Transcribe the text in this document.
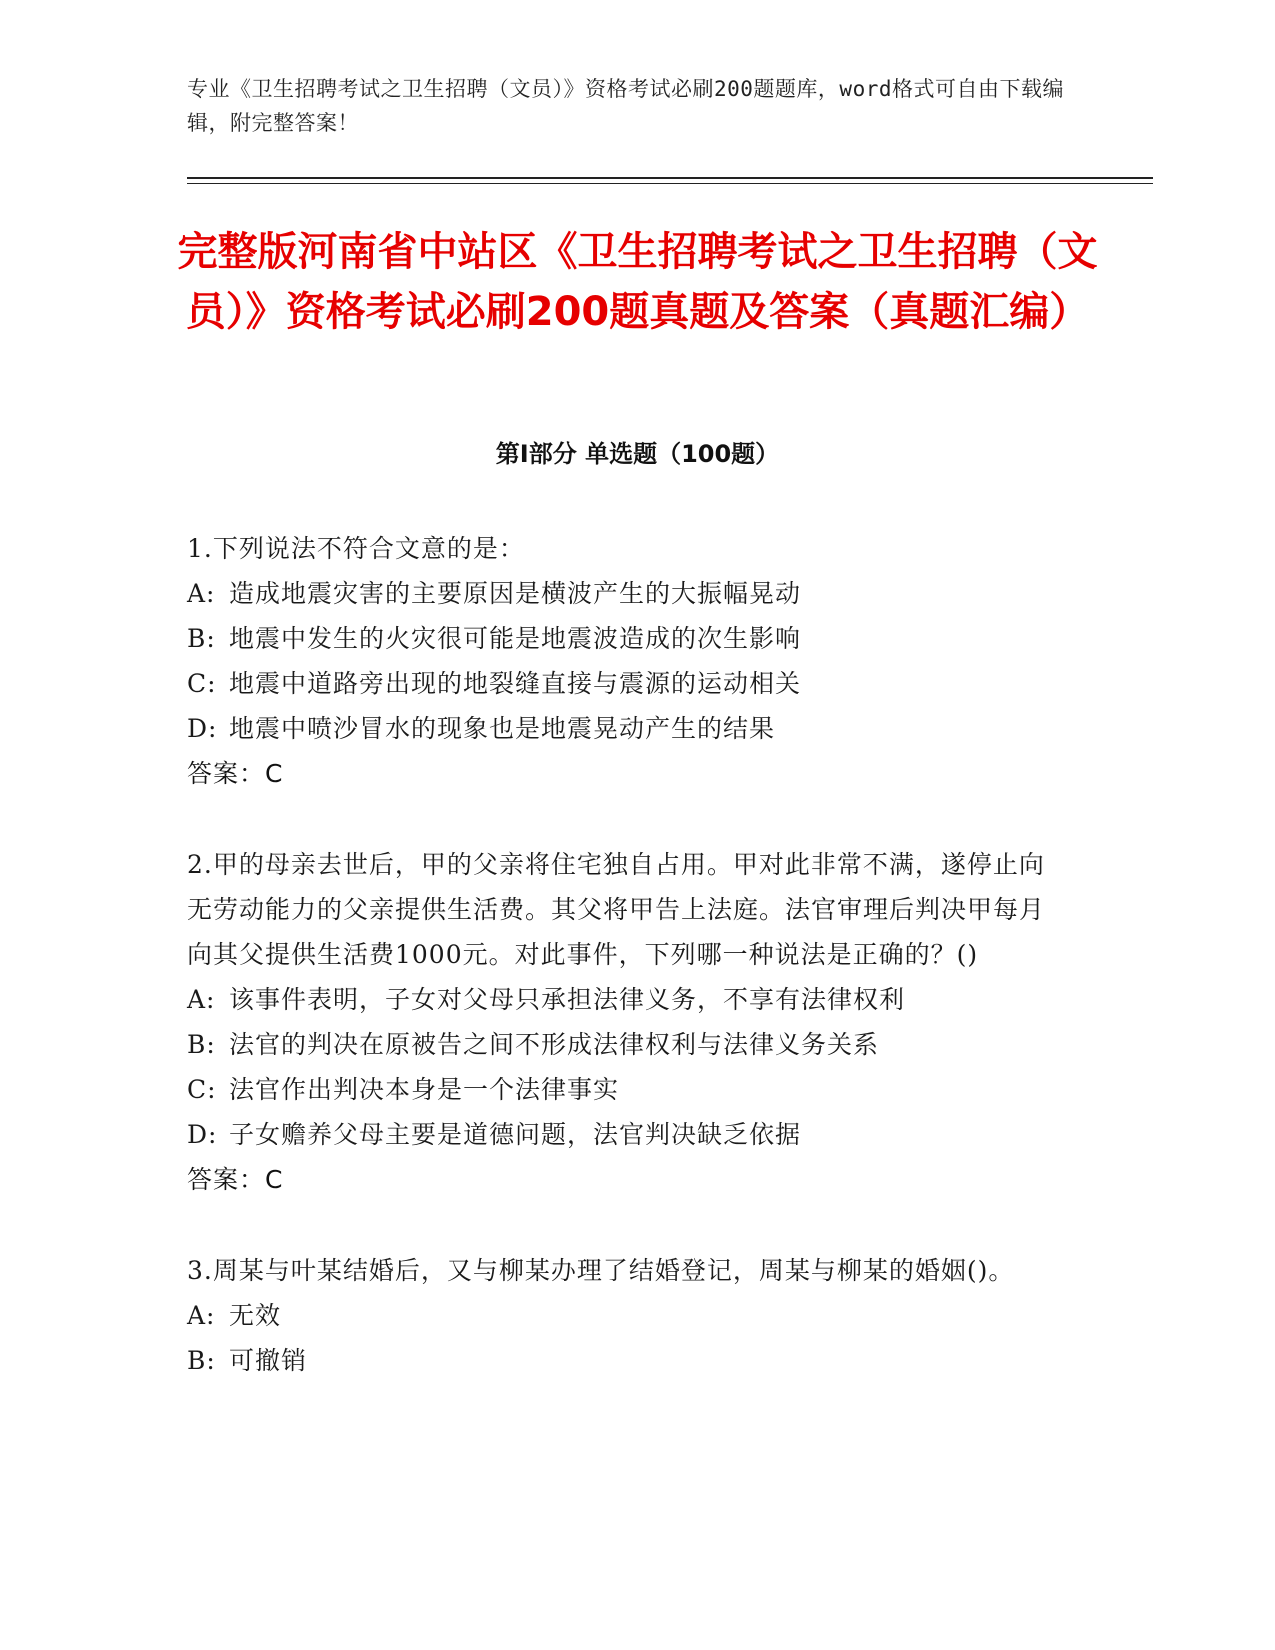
专业《卫生招聘考试之卫生招聘（文员）》资格考试必刷200题题库，word格式可自由下载编辑，附完整答案！
完整版河南省中站区《卫生招聘考试之卫生招聘（文员）》资格考试必刷200题真题及答案（真题汇编）
第I部分 单选题（100题）

1.下列说法不符合文意的是：

A: 造成地震灾害的主要原因是横波产生的大振幅晃动

B: 地震中发生的火灾很可能是地震波造成的次生影响

C: 地震中道路旁出现的地裂缝直接与震源的运动相关

D: 地震中喷沙冒水的现象也是地震晃动产生的结果

答案：C

2.甲的母亲去世后，甲的父亲将住宅独自占用。甲对此非常不满，遂停止向无劳动能力的父亲提供生活费。其父将甲告上法庭。法官审理后判决甲每月向其父提供生活费1000元。对此事件，下列哪一种说法是正确的？()

A: 该事件表明，子女对父母只承担法律义务，不享有法律权利

B: 法官的判决在原被告之间不形成法律权利与法律义务关系

C: 法官作出判决本身是一个法律事实

D: 子女赡养父母主要是道德问题，法官判决缺乏依据

答案：C

3.周某与叶某结婚后，又与柳某办理了结婚登记，周某与柳某的婚姻()。

A: 无效

B: 可撤销
